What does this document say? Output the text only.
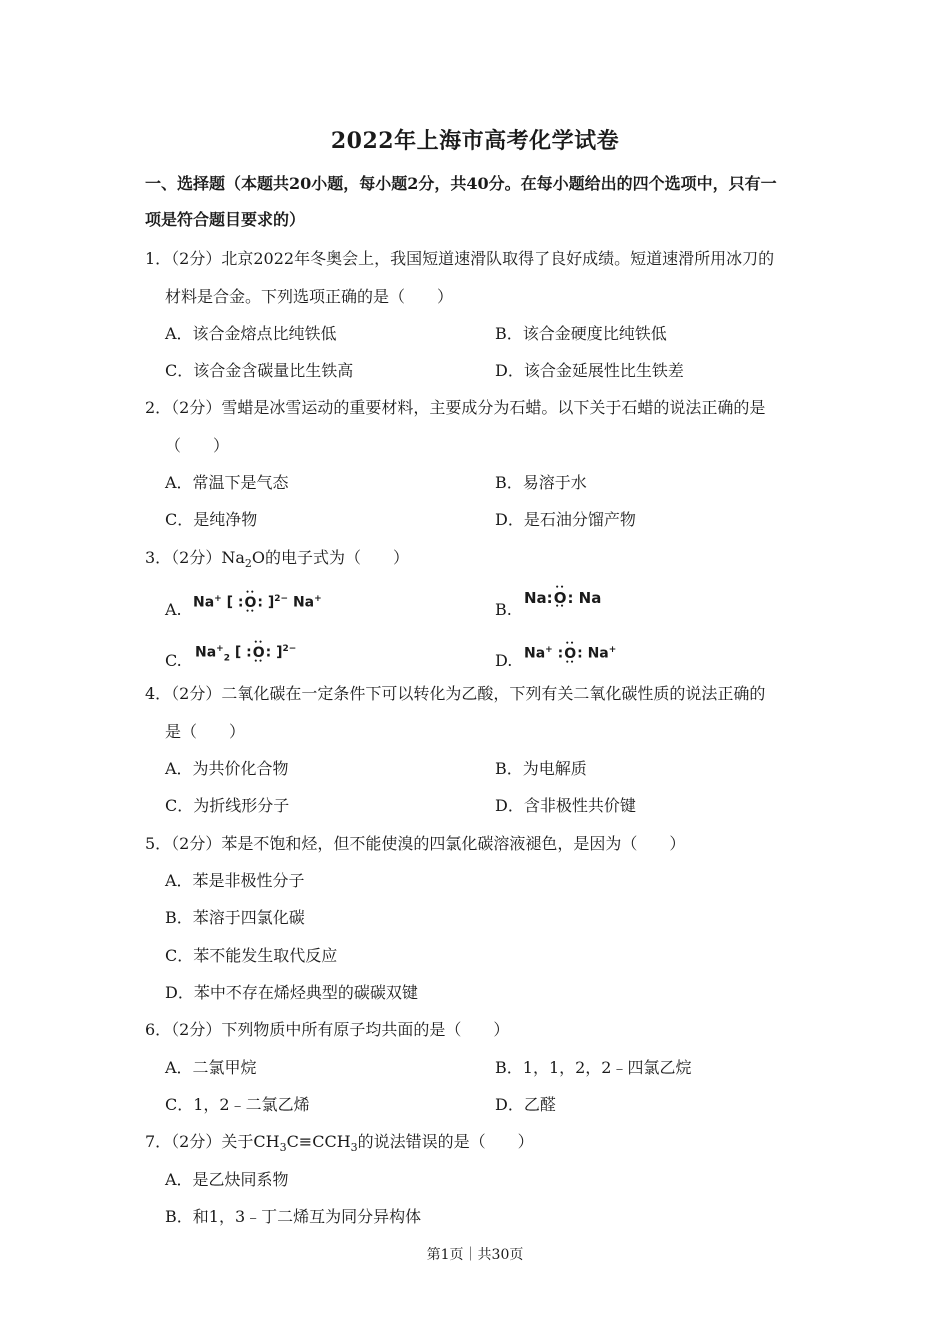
2022年上海市高考化学试卷
一、选择题（本题共20小题，每小题2分，共40分。在每小题给出的四个选项中，只有一
项是符合题目要求的）
1．（2分）北京2022年冬奥会上，我国短道速滑队取得了良好成绩。短道速滑所用冰刀的
材料是合金。下列选项正确的是（　　）
A．该合金熔点比纯铁低	B．该合金硬度比纯铁低
C．该合金含碳量比生铁高	D．该合金延展性比生铁差
2．（2分）雪蜡是冰雪运动的重要材料，主要成分为石蜡。以下关于石蜡的说法正确的是
（　　）
A．常温下是气态	B．易溶于水
C．是纯净物	D．是石油分馏产物
3．（2分）$Na_2O$的电子式为（　　）
A. Na+ [ :•• O ••: ]$^{2-}$ Na+
B.
Na:•• O ••: Na
C. $Na^+_2$ [ :•• O ••: ]$^{2-}$
D. Na+ :•• O ••: Na+
4．（2分）二氧化碳在一定条件下可以转化为乙酸，下列有关二氧化碳性质的说法正确的
是（　　）
A．为共价化合物	B．为电解质
C．为折线形分子	D．含非极性共价键
5．（2分）苯是不饱和烃，但不能使溴的四氯化碳溶液褪色，是因为（　　）
A．苯是非极性分子
B．苯溶于四氯化碳
C．苯不能发生取代反应
D．苯中不存在烯烃典型的碳碳双键
6．（2分）下列物质中所有原子均共面的是（　　）
A．二氯甲烷	B．1，1，2，2﹣四氯乙烷
C．1，2﹣二氯乙烯	D．乙醛
7．（2分）关于$CH_3C\equiv CCH_3$的说法错误的是（　　）
A．是乙炔同系物
B．和1，3﹣丁二烯互为同分异构体
第1页｜共30页
